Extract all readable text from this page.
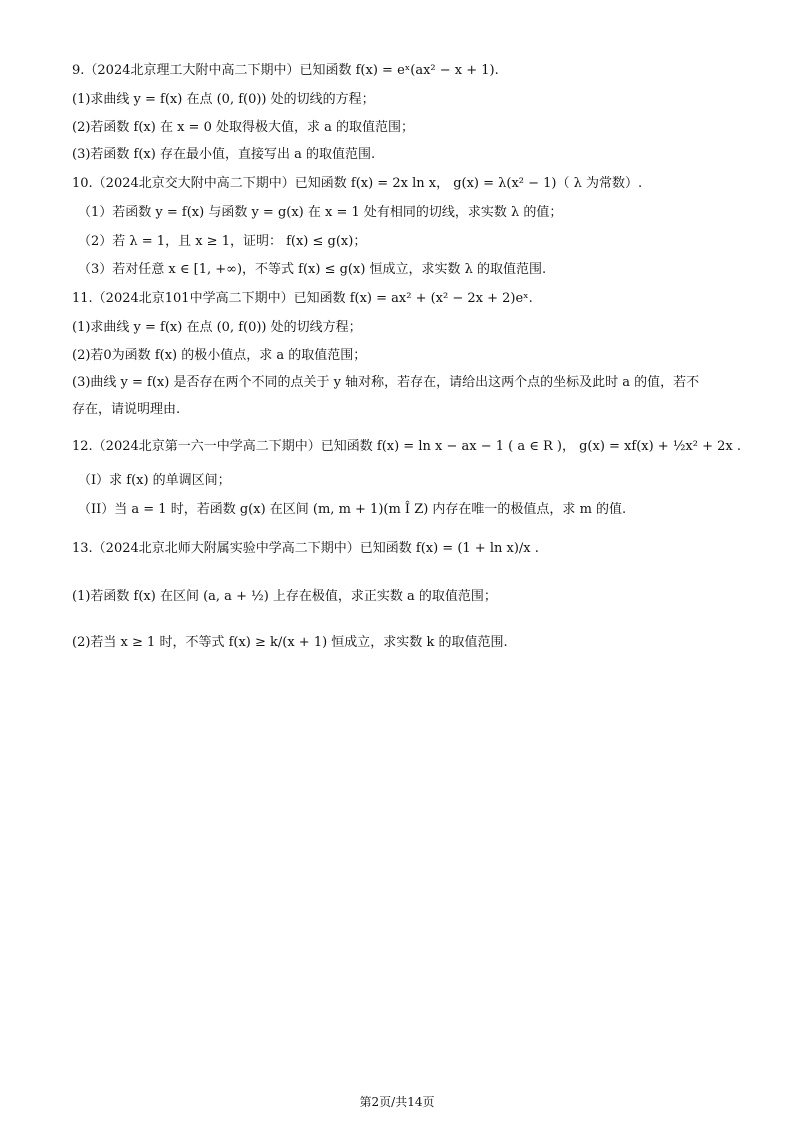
9.（2024北京理工大附中高二下期中）已知函数 f(x) = eˣ(ax² − x + 1).
(1)求曲线 y = f(x) 在点 (0, f(0)) 处的切线的方程；
(2)若函数 f(x) 在 x = 0 处取得极大值，求 a 的取值范围；
(3)若函数 f(x) 存在最小值，直接写出 a 的取值范围.
10.（2024北京交大附中高二下期中）已知函数 f(x) = 2x ln x， g(x) = λ(x² − 1)（ λ 为常数）.
（1）若函数 y = f(x) 与函数 y = g(x) 在 x = 1 处有相同的切线，求实数 λ 的值；
（2）若 λ = 1，且 x ≥ 1，证明： f(x) ≤ g(x)；
（3）若对任意 x ∈ [1, +∞)，不等式 f(x) ≤ g(x) 恒成立，求实数 λ 的取值范围.
11.（2024北京101中学高二下期中）已知函数 f(x) = ax² + (x² − 2x + 2)eˣ.
(1)求曲线 y = f(x) 在点 (0, f(0)) 处的切线方程；
(2)若0为函数 f(x) 的极小值点，求 a 的取值范围；
(3)曲线 y = f(x) 是否存在两个不同的点关于 y 轴对称，若存在，请给出这两个点的坐标及此时 a 的值，若不
存在，请说明理由.
12.（2024北京第一六一中学高二下期中）已知函数 f(x) = ln x − ax − 1 ( a ∈ R )， g(x) = xf(x) + ½x² + 2x .
（I）求 f(x) 的单调区间；
（II）当 a = 1 时，若函数 g(x) 在区间 (m, m + 1)(m Î Z) 内存在唯一的极值点，求 m 的值.
13.（2024北京北师大附属实验中学高二下期中）已知函数 f(x) = (1 + ln x)/x .
(1)若函数 f(x) 在区间 (a, a + ½) 上存在极值，求正实数 a 的取值范围；
(2)若当 x ≥ 1 时，不等式 f(x) ≥ k/(x + 1) 恒成立，求实数 k 的取值范围.
第2页/共14页
